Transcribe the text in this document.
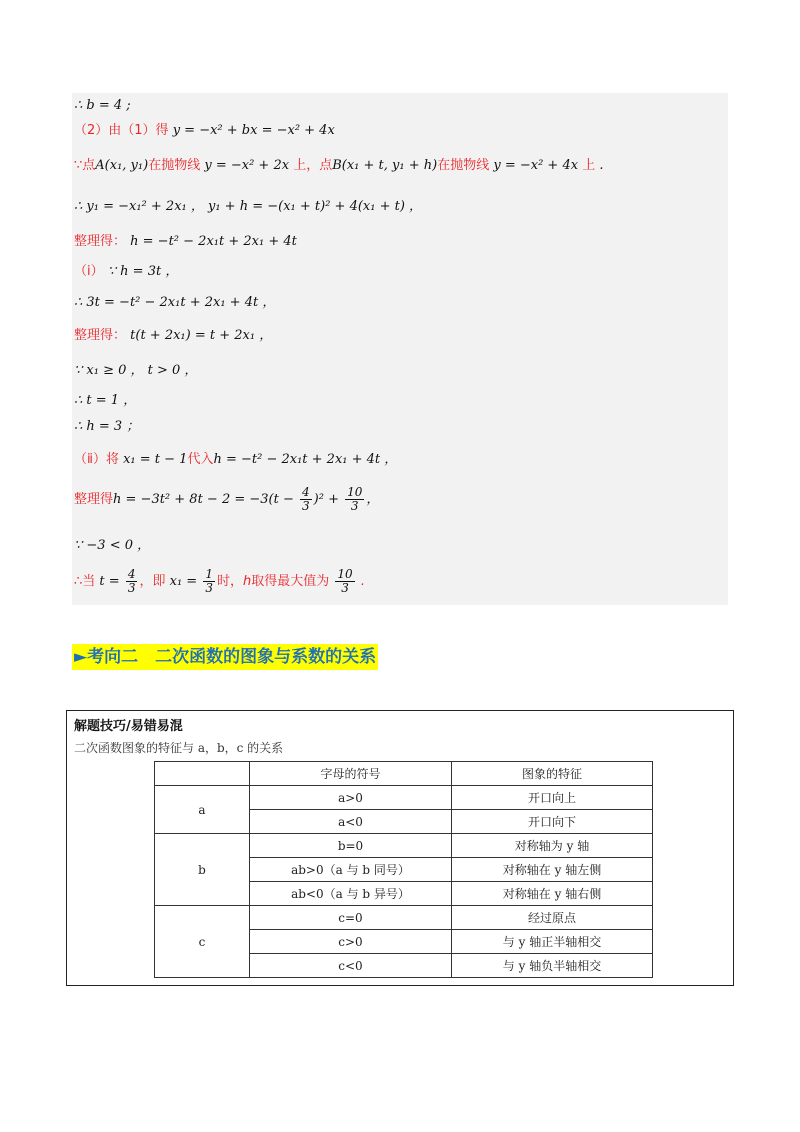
∴ b = 4 ;
（2）由（1）得 y = −x² + bx = −x² + 4x
∵点A(x₁, y₁)在抛物线 y = −x² + 2x 上，点B(x₁ + t, y₁ + h)在抛物线 y = −x² + 4x 上 .
∴ y₁ = −x₁² + 2x₁ ， y₁ + h = −(x₁ + t)² + 4(x₁ + t) ，
整理得： h = −t² − 2x₁t + 2x₁ + 4t
（ⅰ） ∵ h = 3t ，
∴ 3t = −t² − 2x₁t + 2x₁ + 4t ，
整理得： t(t + 2x₁) = t + 2x₁ ，
∵ x₁ ≥ 0 ， t > 0 ，
∴ t = 1 ，
∴ h = 3 ；
（ⅱ）将 x₁ = t − 1代入h = −t² − 2x₁t + 2x₁ + 4t ，
整理得$h = -3t^2 + 8t - 2 = -3(t - \frac{4}{3} )^2 + \frac{10}{3}$ ，
∵ −3 < 0 ，
∴当 $t = \frac{4}{3}$ ，即 $x_1 = \frac{1}{3}$ 时，h取得最大值为 $\frac{10}{3}$ .
►考向二　二次函数的图象与系数的关系
解题技巧/易错易混
二次函数图象的特征与 a，b，c 的关系
	字母的符号	图象的特征
a	a>0	开口向上
	a<0	开口向下
b	b=0	对称轴为 y 轴
	ab>0（a 与 b 同号）	对称轴在 y 轴左侧
	ab<0（a 与 b 异号）	对称轴在 y 轴右侧
c	c=0	经过原点
	c>0	与 y 轴正半轴相交
	c<0	与 y 轴负半轴相交
